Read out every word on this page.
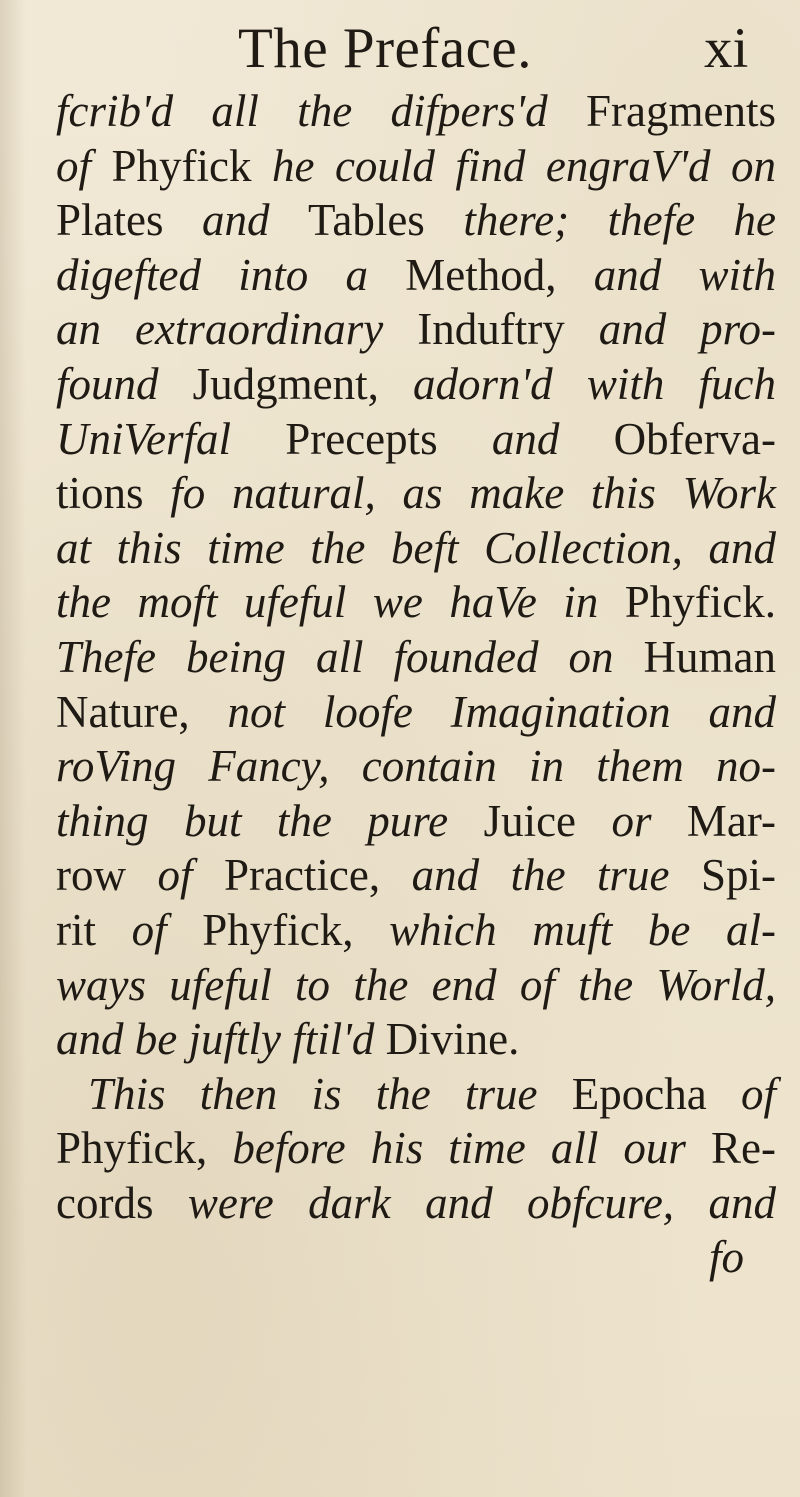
The Preface.	xi
fcrib'd all the difpers'd Fragments
of Phyfick he could find engraV'd on
Plates and Tables there; thefe he
digefted into a Method, and with
an extraordinary Induftry and pro-
found Judgment, adorn'd with fuch
UniVerfal Precepts and Obferva-
tions fo natural, as make this Work
at this time the beft Collection, and
the moft ufeful we haVe in Phyfick.
Thefe being all founded on Human
Nature, not loofe Imagination and
roVing Fancy, contain in them no-
thing but the pure Juice or Mar-
row of Practice, and the true Spi-
rit of Phyfick, which muft be al-
ways ufeful to the end of the World,
and be juftly ftil'd Divine.
This then is the true Epocha of
Phyfick, before his time all our Re-
cords were dark and obfcure, and
fo
